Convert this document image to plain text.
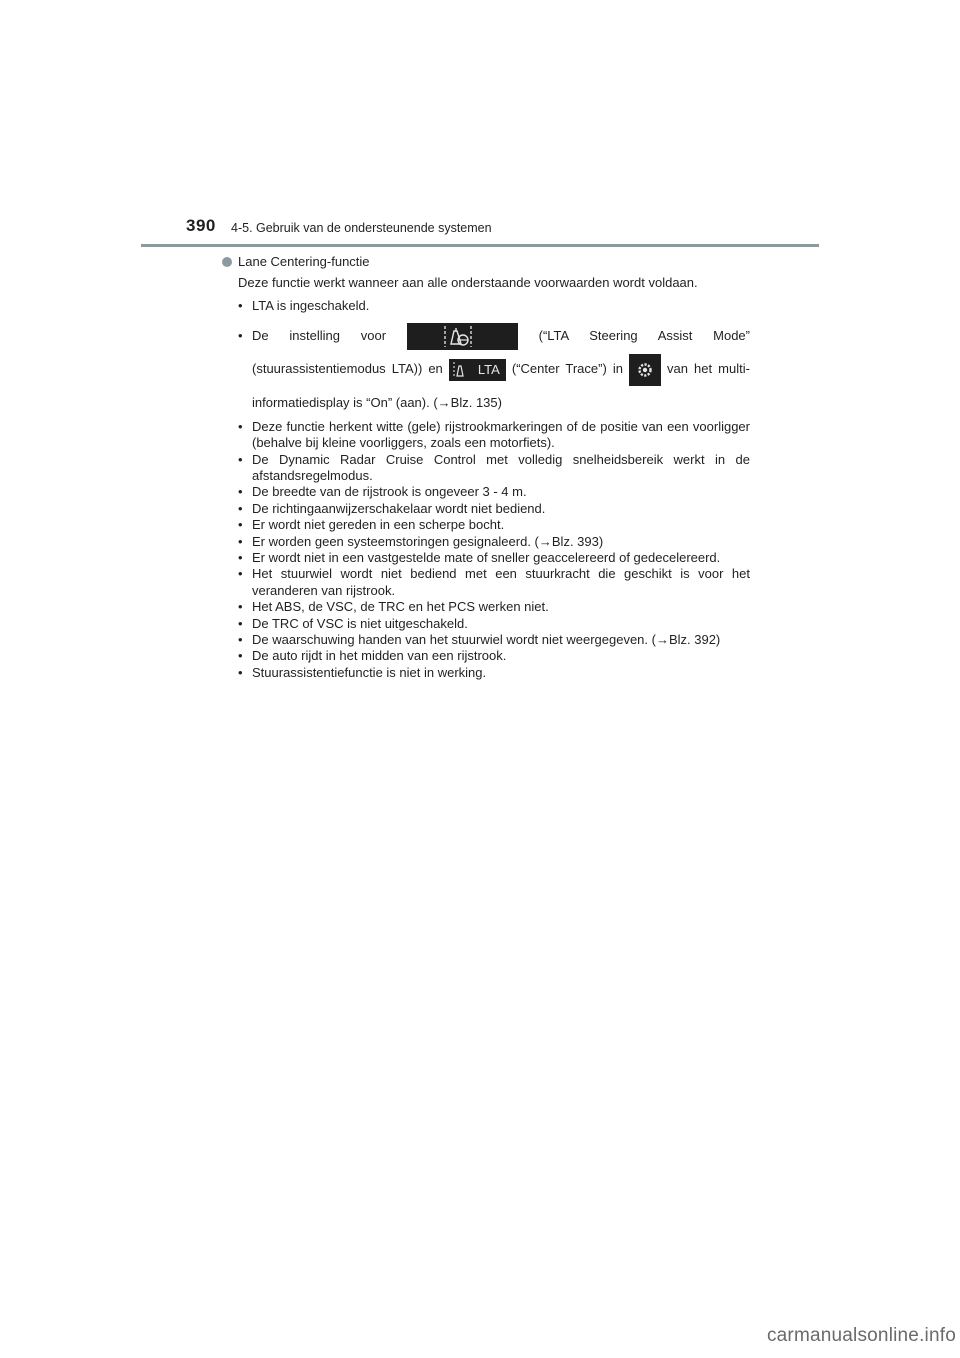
390 4-5. Gebruik van de ondersteunende systemen
Lane Centering-functie
Deze functie werkt wanneer aan alle onderstaande voorwaarden wordt voldaan.
• LTA is ingeschakeld.
• De instelling voor	(“LTA Steering Assist Mode” (stuurassistentiemodus LTA)) en	LTA (“Center Trace”) in	van het multi-informatiedisplay is “On” (aan). (→Blz. 135)
• Deze functie herkent witte (gele) rijstrookmarkeringen of de positie van een voorligger (behalve bij kleine voorliggers, zoals een motorfiets).
• De Dynamic Radar Cruise Control met volledig snelheidsbereik werkt in de afstandsregelmodus.
• De breedte van de rijstrook is ongeveer 3 - 4 m.
• De richtingaanwijzerschakelaar wordt niet bediend.
• Er wordt niet gereden in een scherpe bocht.
• Er worden geen systeemstoringen gesignaleerd. (→Blz. 393)
• Er wordt niet in een vastgestelde mate of sneller geaccelereerd of gedecelereerd.
• Het stuurwiel wordt niet bediend met een stuurkracht die geschikt is voor het veranderen van rijstrook.
• Het ABS, de VSC, de TRC en het PCS werken niet.
• De TRC of VSC is niet uitgeschakeld.
• De waarschuwing handen van het stuurwiel wordt niet weergegeven. (→Blz. 392)
• De auto rijdt in het midden van een rijstrook.
• Stuurassistentiefunctie is niet in werking.
carmanualsonline.info
